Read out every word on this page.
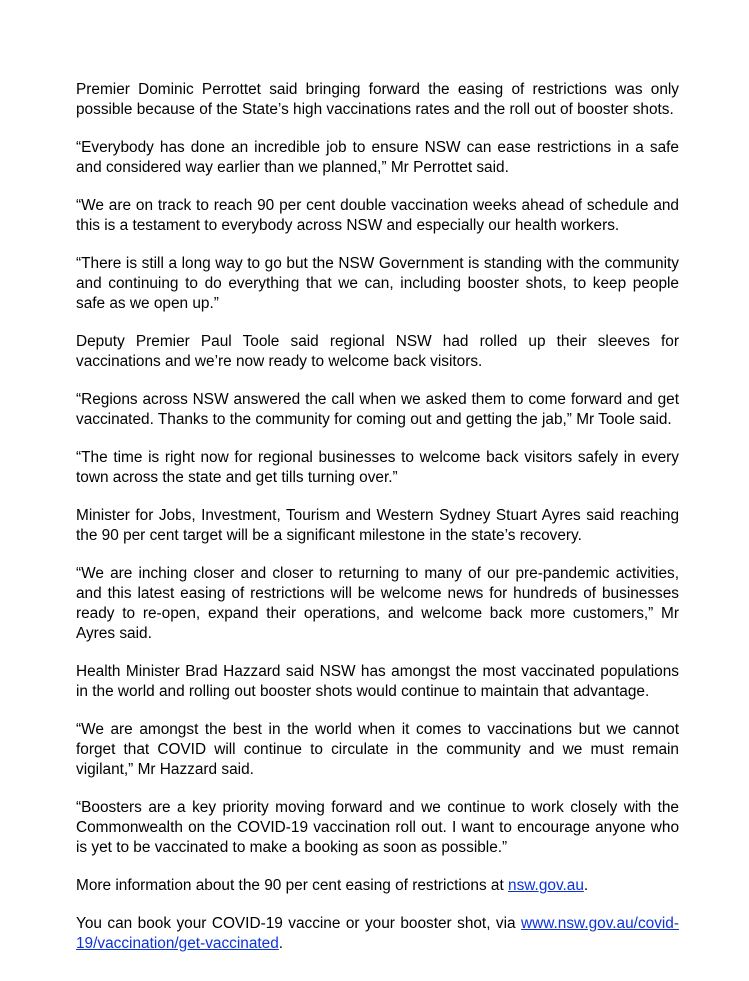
Premier Dominic Perrottet said bringing forward the easing of restrictions was only possible because of the State’s high vaccinations rates and the roll out of booster shots.

“Everybody has done an incredible job to ensure NSW can ease restrictions in a safe and considered way earlier than we planned,” Mr Perrottet said.

“We are on track to reach 90 per cent double vaccination weeks ahead of schedule and this is a testament to everybody across NSW and especially our health workers.

“There is still a long way to go but the NSW Government is standing with the community and continuing to do everything that we can, including booster shots, to keep people safe as we open up.”

Deputy Premier Paul Toole said regional NSW had rolled up their sleeves for vaccinations and we’re now ready to welcome back visitors.

“Regions across NSW answered the call when we asked them to come forward and get vaccinated. Thanks to the community for coming out and getting the jab,” Mr Toole said.

“The time is right now for regional businesses to welcome back visitors safely in every town across the state and get tills turning over.”

Minister for Jobs, Investment, Tourism and Western Sydney Stuart Ayres said reaching the 90 per cent target will be a significant milestone in the state’s recovery.

“We are inching closer and closer to returning to many of our pre-pandemic activities, and this latest easing of restrictions will be welcome news for hundreds of businesses ready to re-open, expand their operations, and welcome back more customers,” Mr Ayres said.

Health Minister Brad Hazzard said NSW has amongst the most vaccinated populations in the world and rolling out booster shots would continue to maintain that advantage.

“We are amongst the best in the world when it comes to vaccinations but we cannot forget that COVID will continue to circulate in the community and we must remain vigilant,” Mr Hazzard said.

“Boosters are a key priority moving forward and we continue to work closely with the Commonwealth on the COVID-19 vaccination roll out. I want to encourage anyone who is yet to be vaccinated to make a booking as soon as possible.”

More information about the 90 per cent easing of restrictions at nsw.gov.au.

You can book your COVID-19 vaccine or your booster shot, via www.nsw.gov.au/covid-19/vaccination/get-vaccinated.
